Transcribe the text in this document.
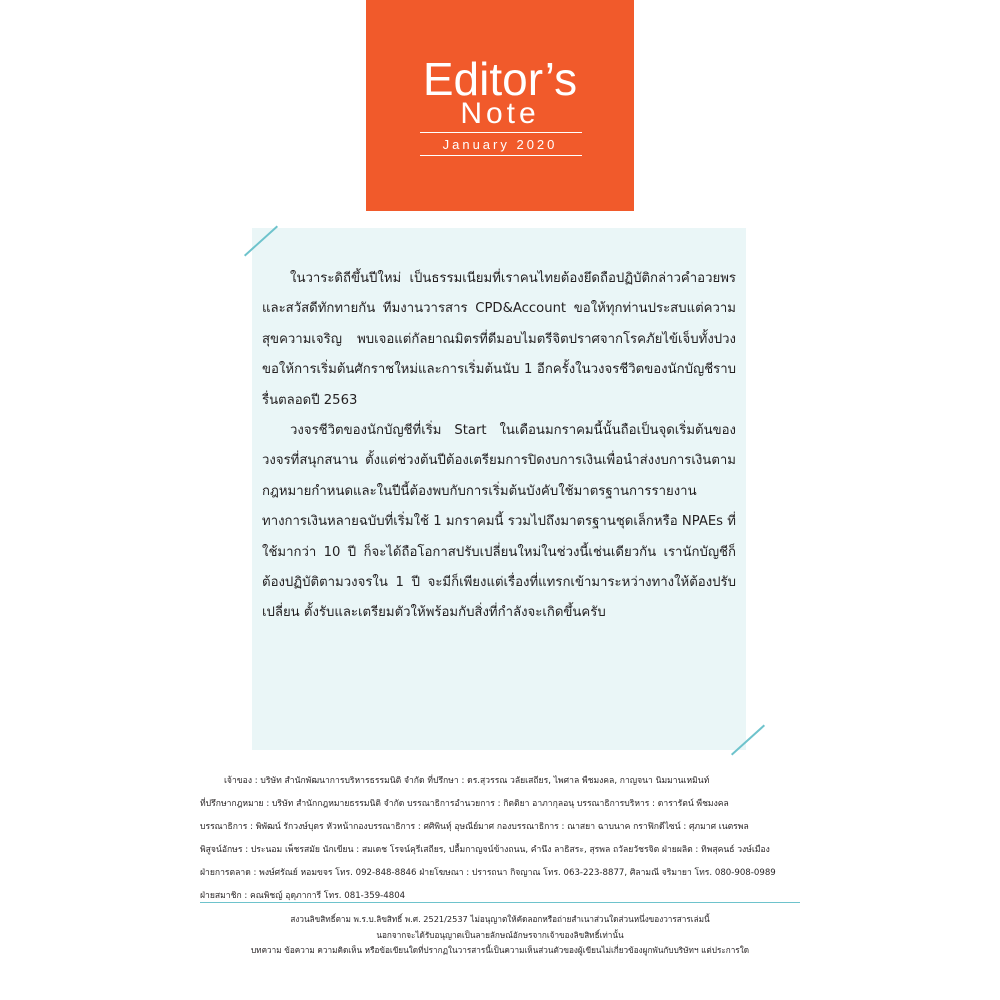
Editor’s
Note
January 2020

ในวาระดิถีขึ้นปีใหม่ เป็นธรรมเนียมที่เราคนไทยต้องยึดถือปฏิบัติกล่าวคำอวยพรและสวัสดีทักทายกัน ทีมงานวารสาร CPD&Account ขอให้ทุกท่านประสบแต่ความสุขความเจริญ พบเจอแต่กัลยาณมิตรที่ดีมอบไมตรีจิตปราศจากโรคภัยไข้เจ็บทั้งปวง ขอให้การเริ่มต้นศักราชใหม่และการเริ่มต้นนับ 1 อีกครั้งในวงจรชีวิตของนักบัญชีราบรื่นตลอดปี 2563

วงจรชีวิตของนักบัญชีที่เริ่ม Start ในเดือนมกราคมนี้นั้นถือเป็นจุดเริ่มต้นของวงจรที่สนุกสนาน ตั้งแต่ช่วงต้นปีต้องเตรียมการปิดงบการเงินเพื่อนำส่งงบการเงินตามกฎหมายกำหนดและในปีนี้ต้องพบกับการเริ่มต้นบังคับใช้มาตรฐานการรายงานทางการเงินหลายฉบับที่เริ่มใช้ 1 มกราคมนี้ รวมไปถึงมาตรฐานชุดเล็กหรือ NPAEs ที่ใช้มากว่า 10 ปี ก็จะได้ถือโอกาสปรับเปลี่ยนใหม่ในช่วงนี้เช่นเดียวกัน เรานักบัญชีก็ต้องปฏิบัติตามวงจรใน 1 ปี จะมีก็เพียงแต่เรื่องที่แทรกเข้ามาระหว่างทางให้ต้องปรับเปลี่ยน ตั้งรับและเตรียมตัวให้พร้อมกับสิ่งที่กำลังจะเกิดขึ้นครับ

เจ้าของ : บริษัท สำนักพัฒนาการบริหารธรรมนิติ จำกัด ที่ปรึกษา : ดร.สุวรรณ วลัยเสถียร, ไพศาล พืชมงคล, กาญจนา นิมมานเหมินท์
ที่ปรึกษากฎหมาย : บริษัท สำนักกฎหมายธรรมนิติ จำกัด บรรณาธิการอำนวยการ : กิตติยา อาภากุลอนุ บรรณาธิการบริหาร : ดารารัตน์ พืชมงคล
บรรณาธิการ : พิพัฒน์ รักวงษ์บุตร หัวหน้ากองบรรณาธิการ : ศศิพินทุ์ อุษณีย์มาศ กองบรรณาธิการ : ณาสยา ฉาบนาค กราฟิกดีไซน์ : ศุภมาศ เนตรพล
พิสูจน์อักษร : ประนอม เพ็ชรสมัย นักเขียน : สมเดช โรจน์คุรีเสถียร, ปลื้มกาญจน์ข้างถนน, คำนึง ลาธิสระ, สุรพล ถวัลยวัชรจิต ฝ่ายผลิต : ทิพสุคนธ์ วงษ์เมือง
ฝ่ายการตลาด : พงษ์ศรัณย์ หอมขจร โทร. 092-848-8846 ฝ่ายโฆษณา : ปรารถนา กิจญาณ โทร. 063-223-8877, ศิลามณี จริมายา โทร. 080-908-0989
ฝ่ายสมาชิก : คณพิชญ์ อุดุภาการี โทร. 081-359-4804
สงวนลิขสิทธิ์ตาม พ.ร.บ.ลิขสิทธิ์ พ.ศ. 2521/2537 ไม่อนุญาตให้คัดลอกหรือถ่ายสำเนาส่วนใดส่วนหนึ่งของวารสารเล่มนี้
นอกจากจะได้รับอนุญาตเป็นลายลักษณ์อักษรจากเจ้าของลิขสิทธิ์เท่านั้น
บทความ ข้อความ ความคิดเห็น หรือข้อเขียนใดที่ปรากฏในวารสารนี้เป็นความเห็นส่วนตัวของผู้เขียนไม่เกี่ยวข้องผูกพันกับบริษัทฯ แต่ประการใด
